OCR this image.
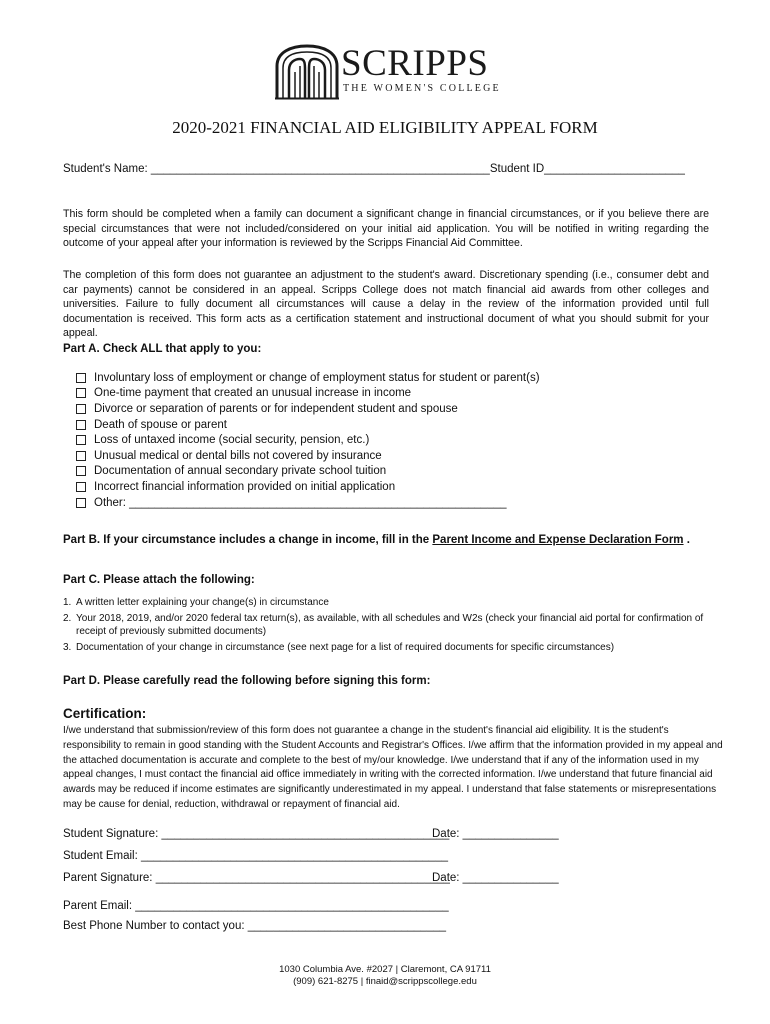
SCRIPPS
THE WOMEN'S COLLEGE
2020-2021 FINANCIAL AID ELIGIBILITY APPEAL FORM
Student's Name: _____________________________________________________Student ID______________________
This form should be completed when a family can document a significant change in financial circumstances, or if you believe there are special circumstances that were not included/considered on your initial aid application. You will be notified in writing regarding the outcome of your appeal after your information is reviewed by the Scripps Financial Aid Committee.
The completion of this form does not guarantee an adjustment to the student's award. Discretionary spending (i.e., consumer debt and car payments) cannot be considered in an appeal. Scripps College does not match financial aid awards from other colleges and universities. Failure to fully document all circumstances will cause a delay in the review of the information provided until full documentation is received. This form acts as a certification statement and instructional document of what you should submit for your appeal.
Part A. Check ALL that apply to you:
Involuntary loss of employment or change of employment status for student or parent(s)
One-time payment that created an unusual increase in income
Divorce or separation of parents or for independent student and spouse
Death of spouse or parent
Loss of untaxed income (social security, pension, etc.)
Unusual medical or dental bills not covered by insurance
Documentation of annual secondary private school tuition
Incorrect financial information provided on initial application
Other: ___________________________________________________________
Part B. If your circumstance includes a change in income, fill in the Parent Income and Expense Declaration Form .
Part C. Please attach the following:
1. A written letter explaining your change(s) in circumstance
2. Your 2018, 2019, and/or 2020 federal tax return(s), as available, with all schedules and W2s (check your financial aid portal for confirmation of receipt of previously submitted documents)
3. Documentation of your change in circumstance (see next page for a list of required documents for specific circumstances)
Part D. Please carefully read the following before signing this form:
Certification:
I/we understand that submission/review of this form does not guarantee a change in the student's financial aid eligibility. It is the student's responsibility to remain in good standing with the Student Accounts and Registrar's Offices. I/we affirm that the information provided in my appeal and the attached documentation is accurate and complete to the best of my/our knowledge. I/we understand that if any of the information used in my appeal changes, I must contact the financial aid office immediately in writing with the corrected information. I/we understand that future financial aid awards may be reduced if income estimates are significantly underestimated in my appeal. I understand that false statements or misrepresentations may be cause for denial, reduction, withdrawal or repayment of financial aid.
Student Signature: _____________________________________________
Date: _______________
Student Email: ________________________________________________
Parent Signature: ______________________________________________
Date: _______________
Parent Email: _________________________________________________
Best Phone Number to contact you: _______________________________
1030 Columbia Ave. #2027 | Claremont, CA 91711
(909) 621-8275 | finaid@scrippscollege.edu
